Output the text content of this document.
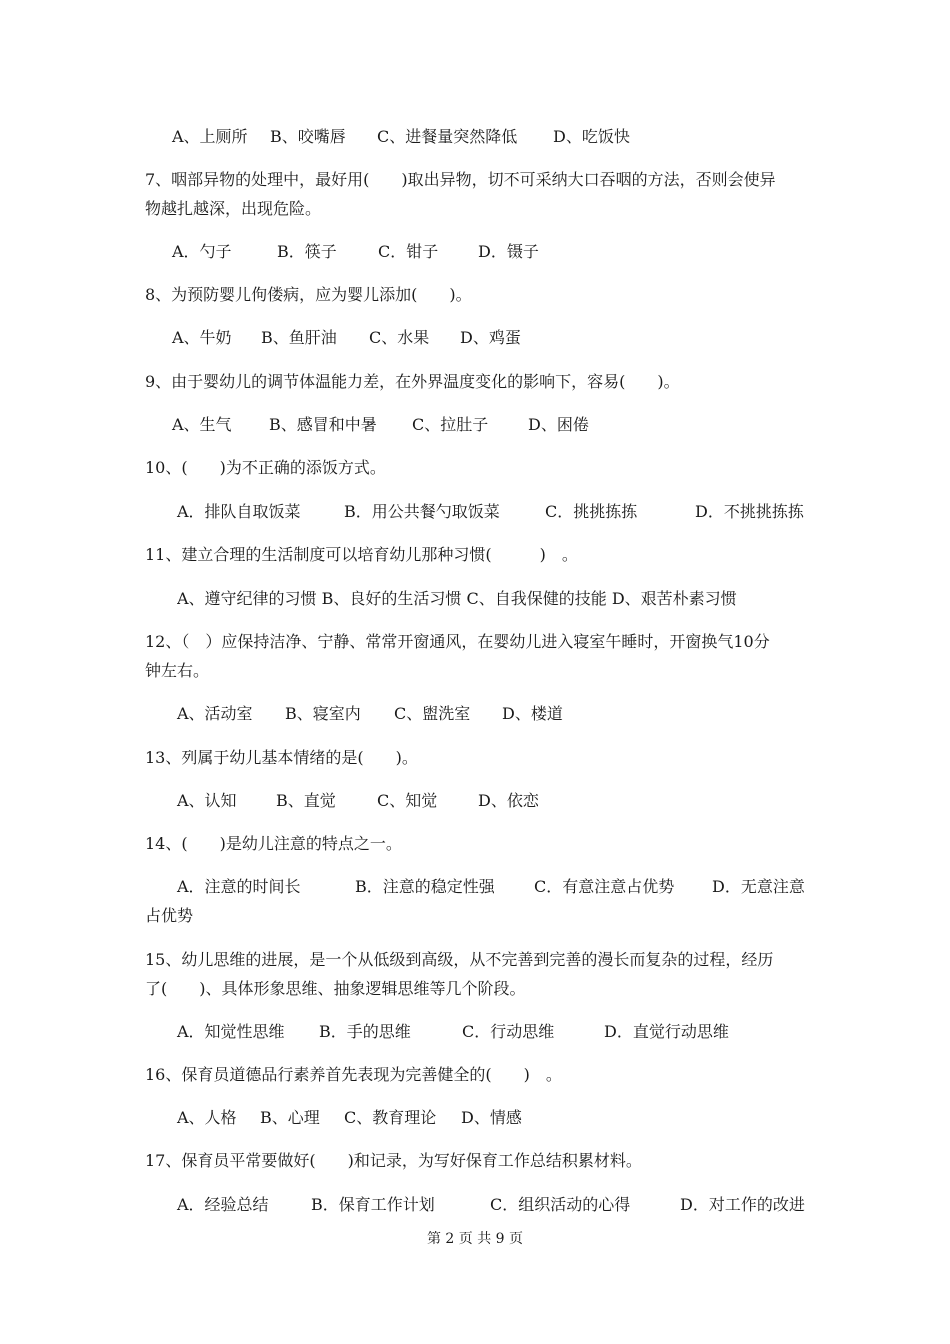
A、上厕所 B、咬嘴唇 C、进餐量突然降低 D、吃饭快
7、咽部异物的处理中，最好用(　　)取出异物，切不可采纳大口吞咽的方法，否则会使异
物越扎越深，出现危险。
A．勺子	B．筷子	C．钳子 D．镊子
8、为预防婴儿佝偻病，应为婴儿添加(　　)。
A、牛奶 B、鱼肝油 C、水果 D、鸡蛋
9、由于婴幼儿的调节体温能力差，在外界温度变化的影响下，容易(　　)。
A、生气 B、感冒和中暑 C、拉肚子 D、困倦
10、(　　)为不正确的添饭方式。
A．排队自取饭菜	B．用公共餐勺取饭菜	C．挑挑拣拣	D．不挑挑拣拣
11、建立合理的生活制度可以培育幼儿那种习惯(　　　)　。
A、遵守纪律的习惯 B、良好的生活习惯 C、自我保健的技能 D、艰苦朴素习惯
12、（　）应保持洁净、宁静、常常开窗通风，在婴幼儿进入寝室午睡时，开窗换气10分
钟左右。
A、活动室 B、寝室内 C、盥洗室 D、楼道
13、列属于幼儿基本情绪的是(　　)。
A、认知 B、直觉	C、知觉	D、依恋
14、(　　)是幼儿注意的特点之一。
A．注意的时间长	B．注意的稳定性强 C．有意注意占优势 D．无意注意
占优势
15、幼儿思维的进展，是一个从低级到高级，从不完善到完善的漫长而复杂的过程，经历
了(　　)、具体形象思维、抽象逻辑思维等几个阶段。
A．知觉性思维 B．手的思维	C．行动思维	D．直觉行动思维
16、保育员道德品行素养首先表现为完善健全的(　　)　。
A、人格 B、心理 C、教育理论 D、情感
17、保育员平常要做好(　　)和记录，为写好保育工作总结积累材料。
A．经验总结	B．保育工作计划	C．组织活动的心得	D．对工作的改进
第 2 页 共 9 页
